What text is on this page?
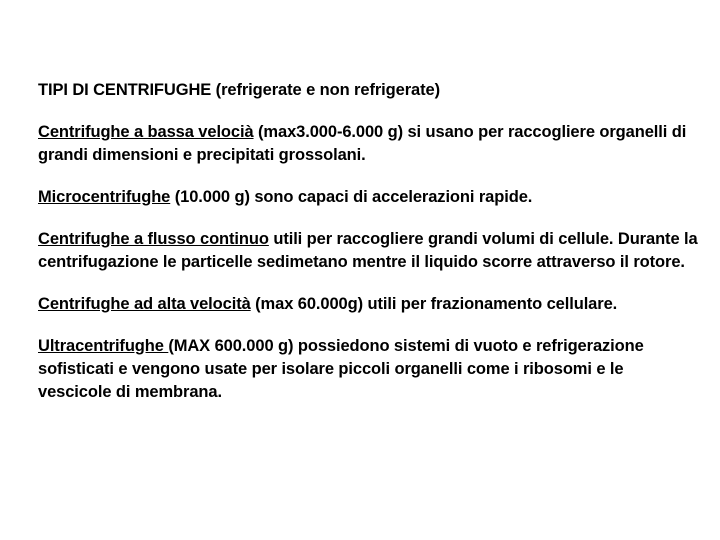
TIPI DI CENTRIFUGHE (refrigerate e non refrigerate)

Centrifughe a bassa velocià (max3.000-6.000 g) si usano per raccogliere organelli di grandi dimensioni e precipitati grossolani.

Microcentrifughe (10.000 g) sono capaci di accelerazioni rapide.

Centrifughe a flusso continuo utili per raccogliere grandi volumi di cellule. Durante la centrifugazione le particelle sedimetano mentre il liquido scorre attraverso il rotore.

Centrifughe ad alta velocità (max 60.000g) utili per frazionamento cellulare.

Ultracentrifughe (MAX 600.000 g) possiedono sistemi di vuoto e refrigerazione sofisticati e vengono usate per isolare piccoli organelli come i ribosomi e le vescicole di membrana.
